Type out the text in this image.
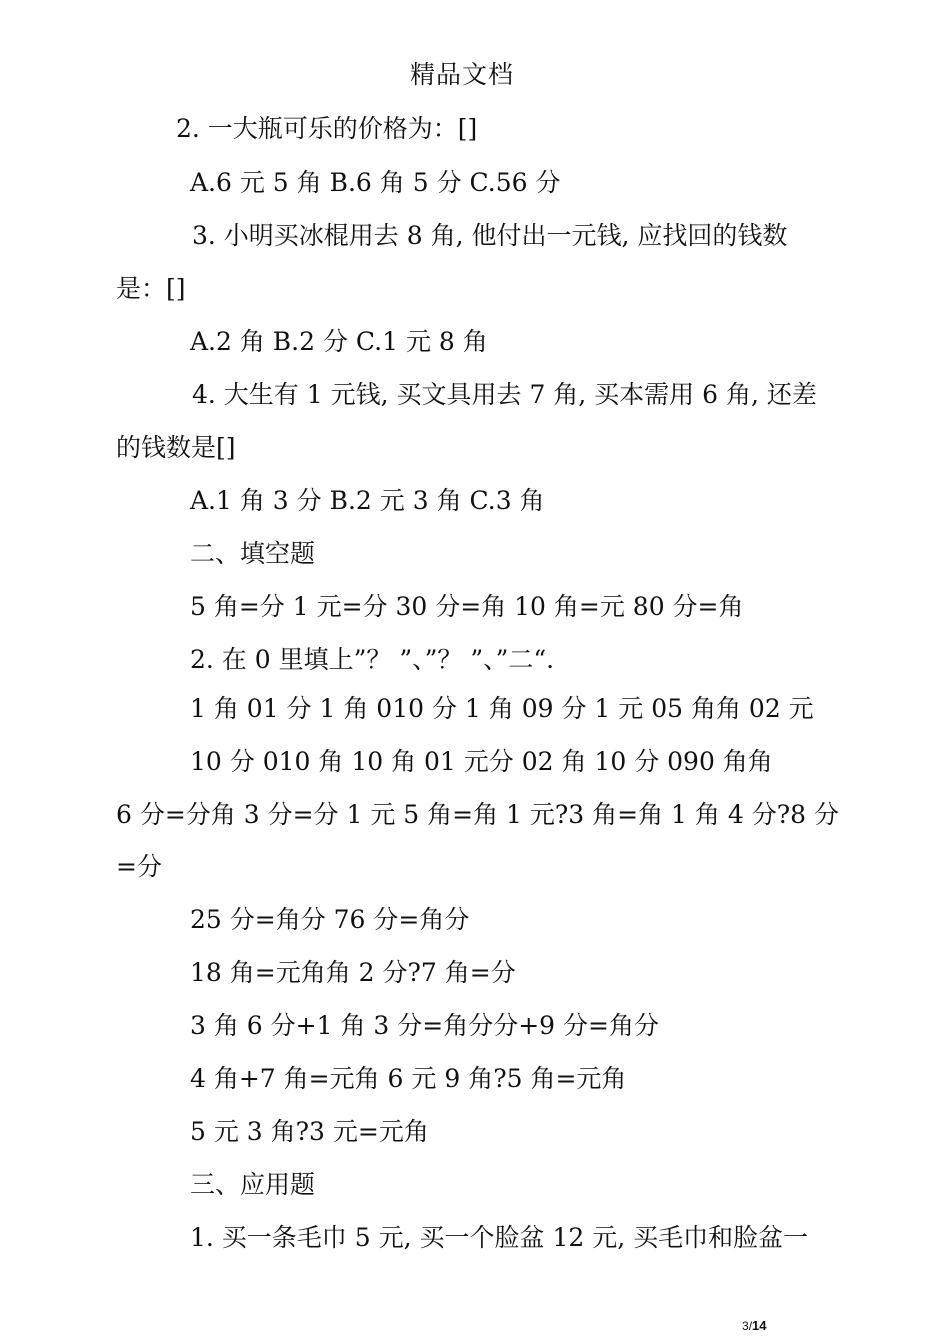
精品文档
2. 一大瓶可乐的价格为：[]
A.6 元 5 角 B.6 角 5 分 C.56 分
3. 小明买冰棍用去 8 角, 他付出一元钱, 应找回的钱数
是：[]
A.2 角 B.2 分 C.1 元 8 角
4. 大生有 1 元钱, 买文具用去 7 角, 买本需用 6 角, 还差
的钱数是[]
A.1 角 3 分 B.2 元 3 角 C.3 角
二、填空题
5 角=分 1 元=分 30 分=角 10 角=元 80 分=角
2. 在 0 里填上”？ ”、”？ ”、”二“.
1 角 01 分 1 角 010 分 1 角 09 分 1 元 05 角角 02 元
10 分 010 角 10 角 01 元分 02 角 10 分 090 角角
6 分=分角 3 分=分 1 元 5 角=角 1 元?3 角=角 1 角 4 分?8 分
=分
25 分=角分 76 分=角分
18 角=元角角 2 分?7 角=分
3 角 6 分+1 角 3 分=角分分+9 分=角分
4 角+7 角=元角 6 元 9 角?5 角=元角
5 元 3 角?3 元=元角
三、应用题
1. 买一条毛巾 5 元, 买一个脸盆 12 元, 买毛巾和脸盆一
3/14
